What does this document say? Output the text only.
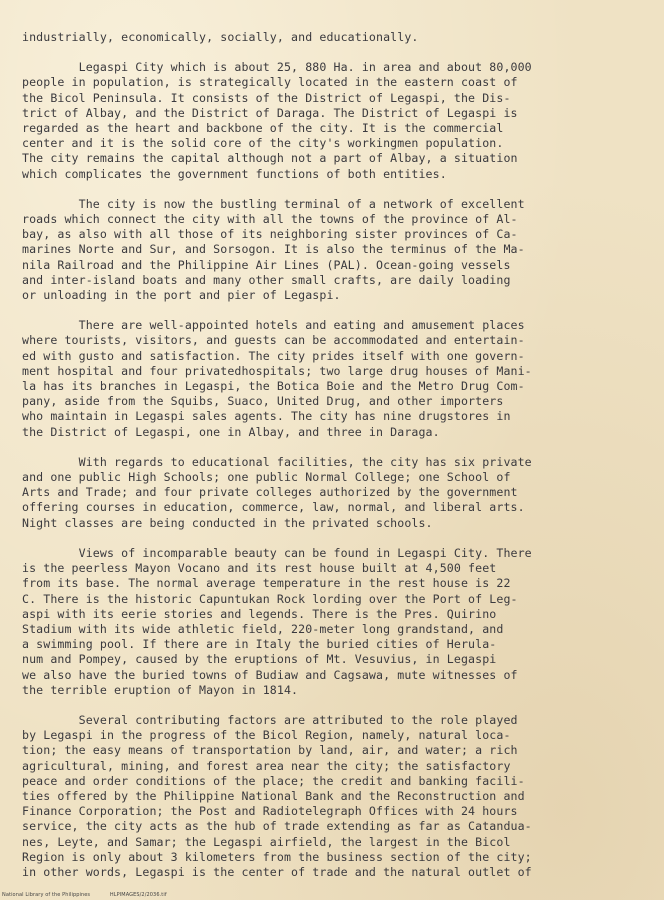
industrially, economically, socially, and educationally.
Legaspi City which is about 25, 880 Ha. in area and about 80,000
people in population, is strategically located in the eastern coast of
the Bicol Peninsula. It consists of the District of Legaspi, the Dis-
trict of Albay, and the District of Daraga. The District of Legaspi is
regarded as the heart and backbone of the city. It is the commercial
center and it is the solid core of the city's workingmen population.
The city remains the capital although not a part of Albay, a situation
which complicates the government functions of both entities.
The city is now the bustling terminal of a network of excellent
roads which connect the city with all the towns of the province of Al-
bay, as also with all those of its neighboring sister provinces of Ca-
marines Norte and Sur, and Sorsogon. It is also the terminus of the Ma-
nila Railroad and the Philippine Air Lines (PAL). Ocean-going vessels
and inter-island boats and many other small crafts, are daily loading
or unloading in the port and pier of Legaspi.
There are well-appointed hotels and eating and amusement places
where tourists, visitors, and guests can be accommodated and entertain-
ed with gusto and satisfaction. The city prides itself with one govern-
ment hospital and four privatedhospitals; two large drug houses of Mani-
la has its branches in Legaspi, the Botica Boie and the Metro Drug Com-
pany, aside from the Squibs, Suaco, United Drug, and other importers
who maintain in Legaspi sales agents. The city has nine drugstores in
the District of Legaspi, one in Albay, and three in Daraga.
With regards to educational facilities, the city has six private
and one public High Schools; one public Normal College; one School of
Arts and Trade; and four private colleges authorized by the government
offering courses in education, commerce, law, normal, and liberal arts.
Night classes are being conducted in the privated schools.
Views of incomparable beauty can be found in Legaspi City. There
is the peerless Mayon Vocano and its rest house built at 4,500 feet
from its base. The normal average temperature in the rest house is 22
C. There is the historic Capuntukan Rock lording over the Port of Leg-
aspi with its eerie stories and legends. There is the Pres. Quirino
Stadium with its wide athletic field, 220-meter long grandstand, and
a swimming pool. If there are in Italy the buried cities of Herula-
num and Pompey, caused by the eruptions of Mt. Vesuvius, in Legaspi
we also have the buried towns of Budiaw and Cagsawa, mute witnesses of
the terrible eruption of Mayon in 1814.
Several contributing factors are attributed to the role played
by Legaspi in the progress of the Bicol Region, namely, natural loca-
tion; the easy means of transportation by land, air, and water; a rich
agricultural, mining, and forest area near the city; the satisfactory
peace and order conditions of the place; the credit and banking facili-
ties offered by the Philippine National Bank and the Reconstruction and
Finance Corporation; the Post and Radiotelegraph Offices with 24 hours
service, the city acts as the hub of trade extending as far as Catandua-
nes, Leyte, and Samar; the Legaspi airfield, the largest in the Bicol
Region is only about 3 kilometers from the business section of the city;
in other words, Legaspi is the center of trade and the natural outlet of
National Library of the Philippines	HLPIMAGES/2/2036.tif
